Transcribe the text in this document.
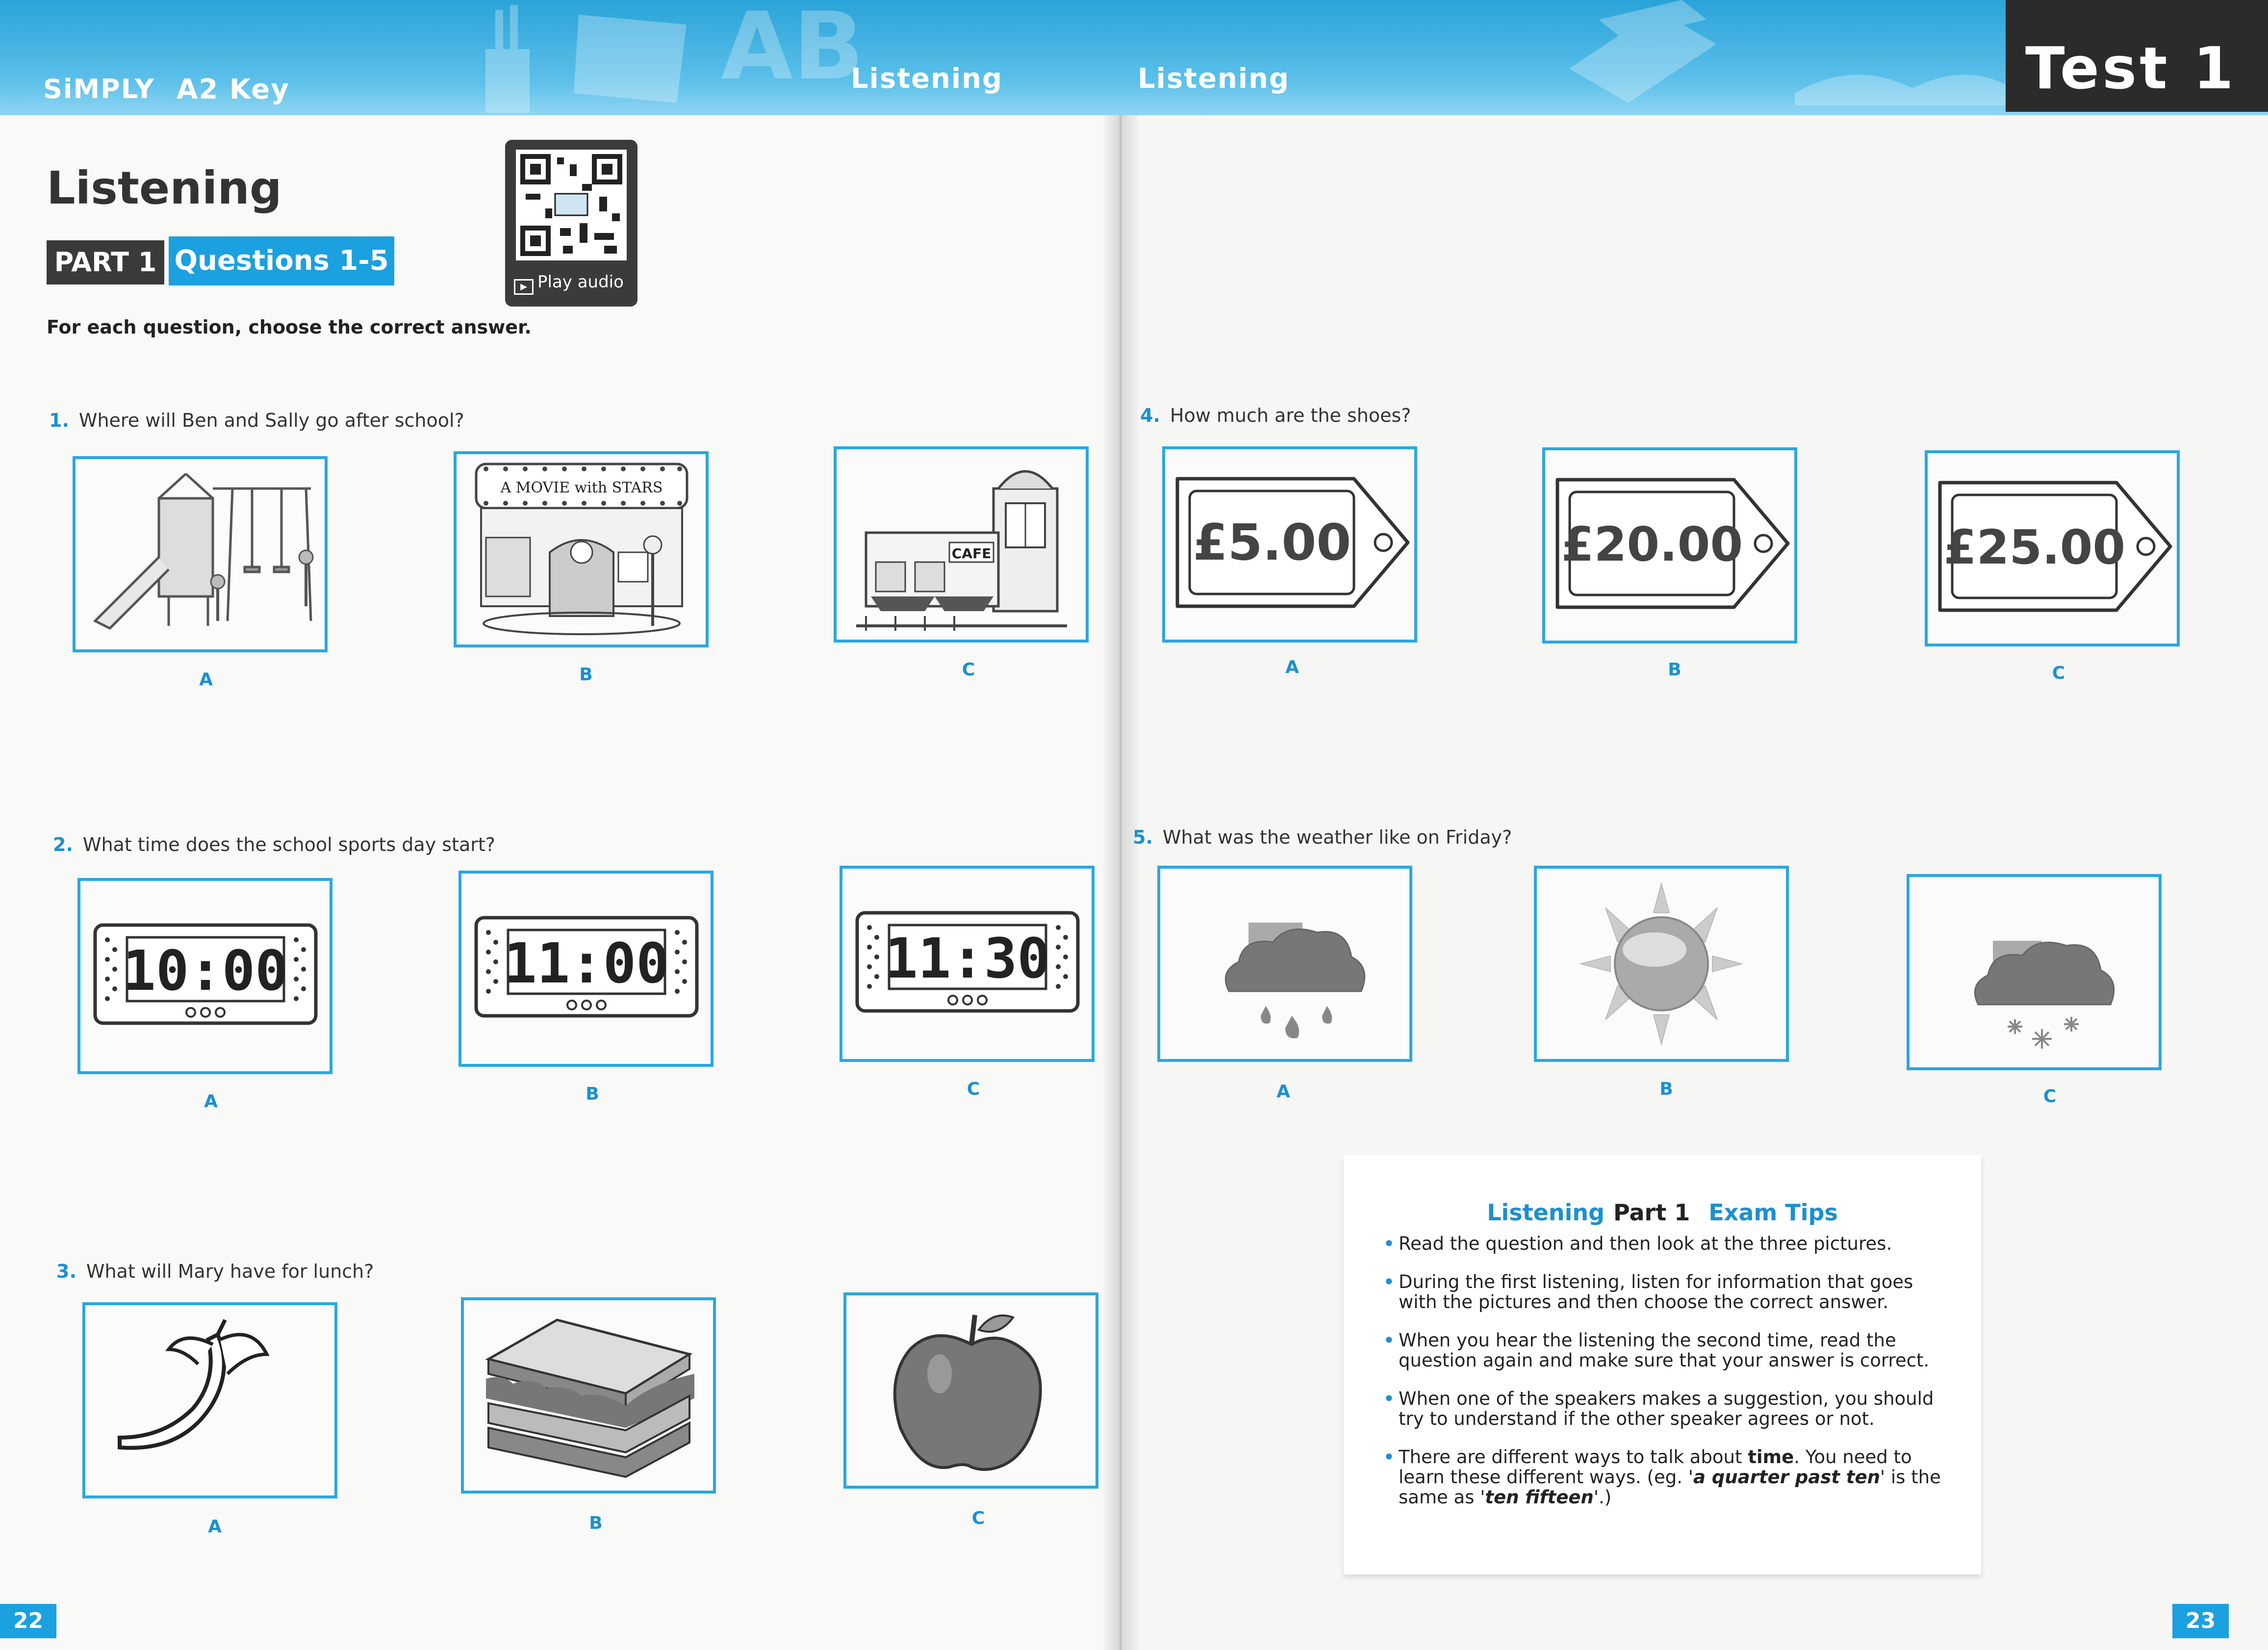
AB
SiMPLY A2 Key	Listening	Listening	Test 1
Listening
PART 1 Questions 1-5
For each question, choose the correct answer.
▶ Play audio
1. Where will Ben and Sally go after school?
A
A MOVIE with STARS
B
CAFE
C
2. What time does the school sports day start?
10:00
A
11:00
B
11:30
C
3. What will Mary have for lunch?
A	B	C
4. How much are the shoes?
£5.00
A
£20.00
B
£25.00
C
5. What was the weather like on Friday?
A	B	C
Listening Part 1 Exam Tips
• Read the question and then look at the three pictures.
• During the first listening, listen for information that goes with the pictures and then choose the correct answer.
• When you hear the listening the second time, read the question again and make sure that your answer is correct.
• When one of the speakers makes a suggestion, you should try to understand if the other speaker agrees or not.
• There are different ways to talk about time. You need to learn these different ways. (eg. 'a quarter past ten' is the same as 'ten fifteen'.)
22	23
